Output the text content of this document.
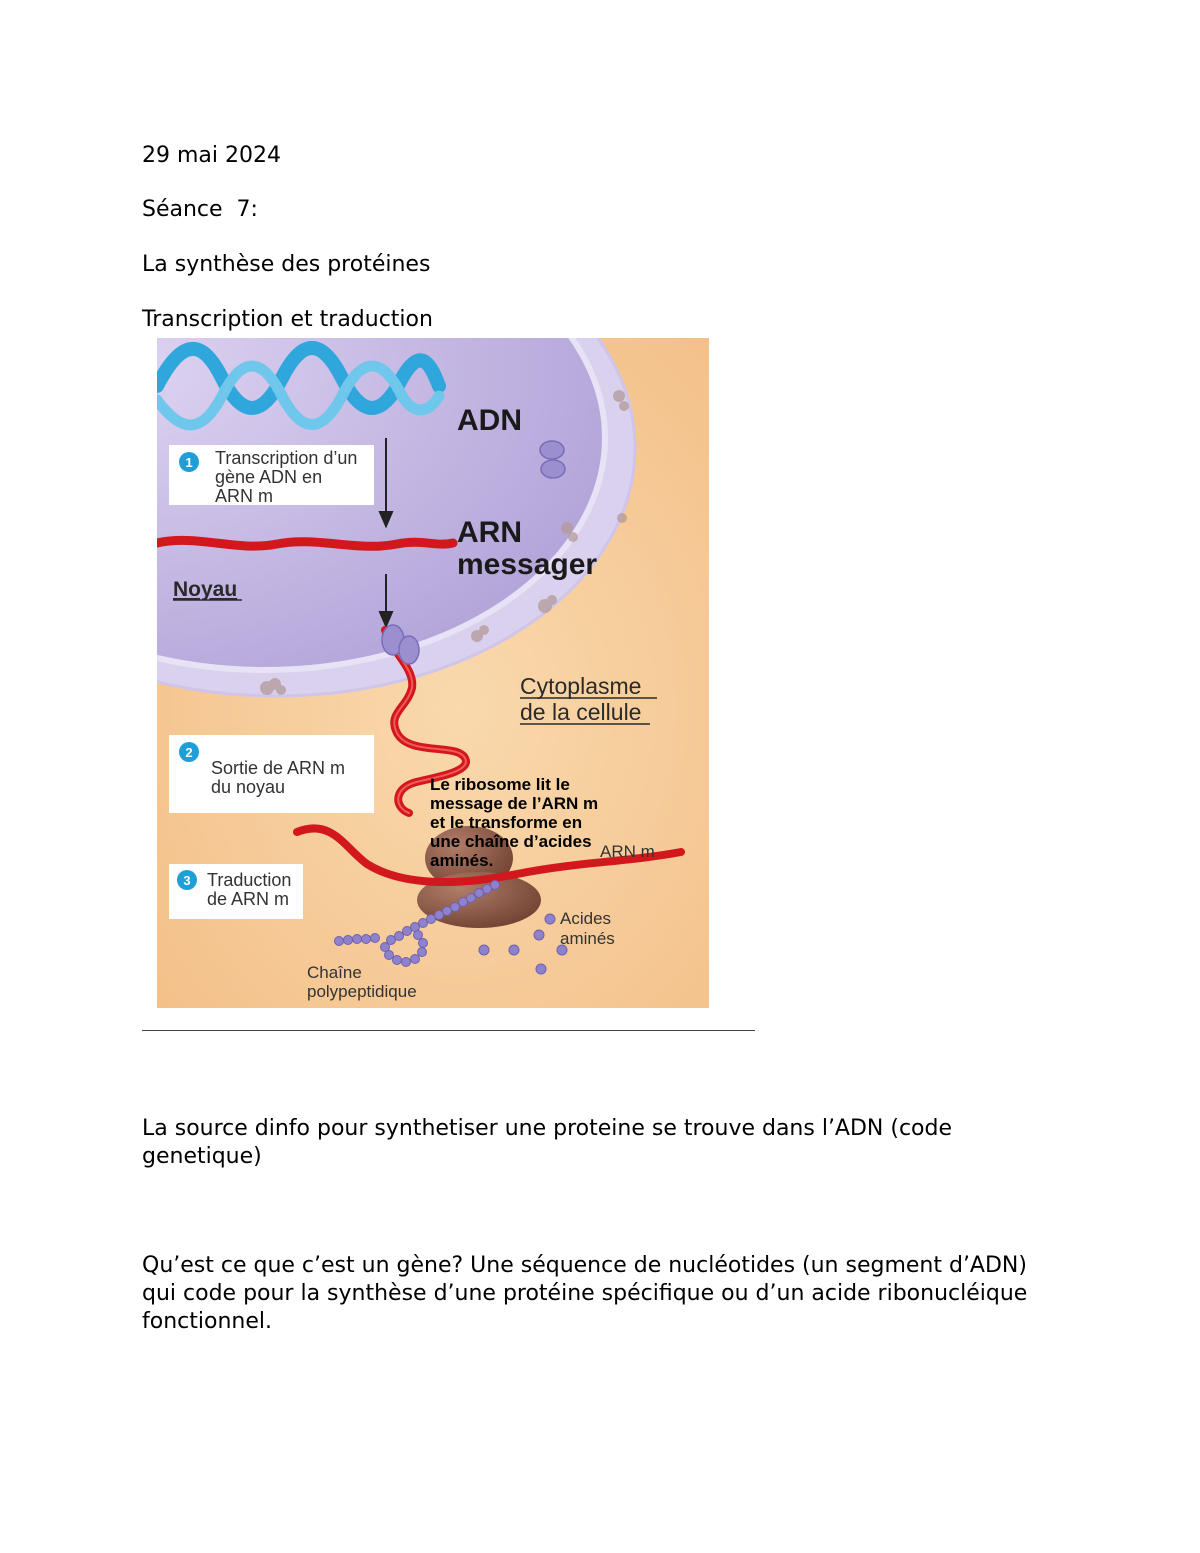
29 mai 2024

Séance  7:

La synthèse des protéines

Transcription et traduction

1 Transcription d’un
gène ADN en
ARN m
2
Sortie de ARN m
du noyau
3 Traduction
de ARN m
ADN
ARN
messager
Noyau
Cytoplasme
de la cellule
Le ribosome lit le
message de l’ARN m
et le transforme en
une chaîne d’acides
aminés.	ARN m
Acides
aminés
Chaîne
polypeptidique

La source dinfo pour synthetiser une proteine se trouve dans l’ADN (code genetique)

Qu’est ce que c’est un gène? Une séquence de nucléotides (un segment d’ADN) qui code pour la synthèse d’une protéine spécifique ou d’un acide ribonucléique fonctionnel.
